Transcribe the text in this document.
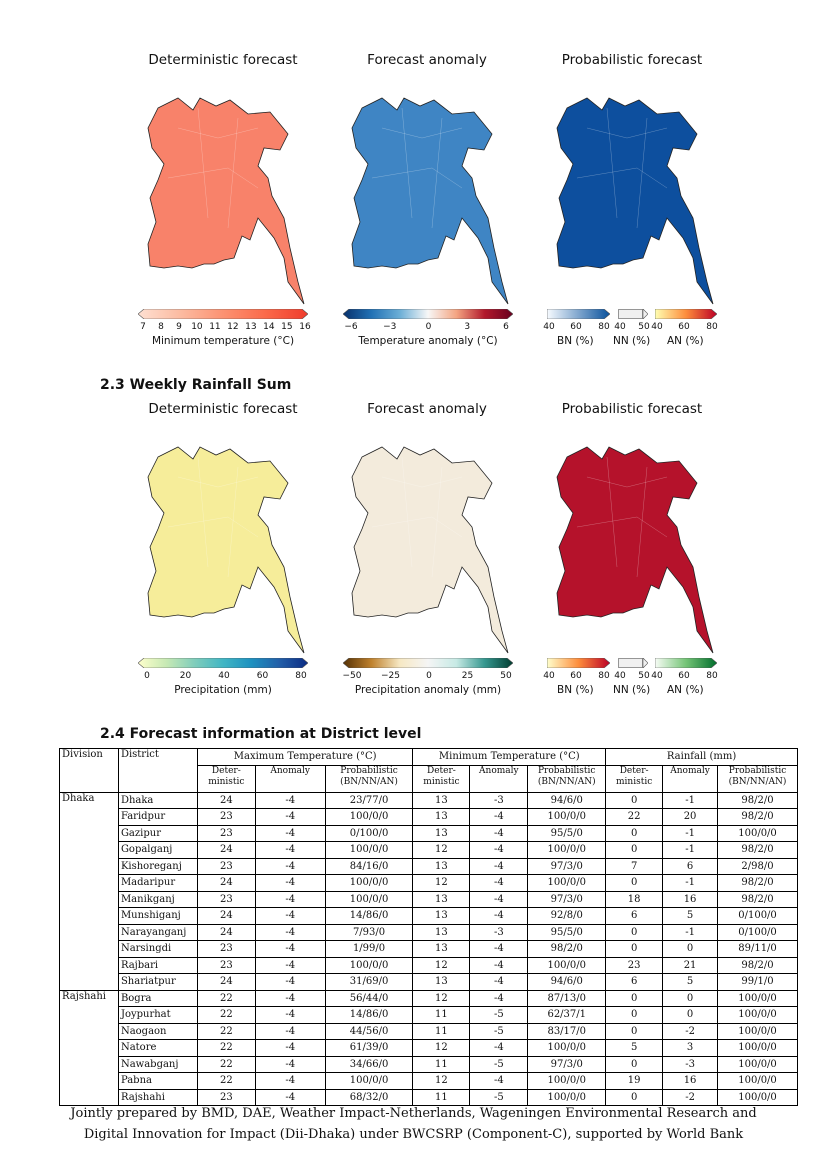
Deterministic forecast	Forecast anomaly	Probabilistic forecast
7 8 9 10 11 12 13 14 15 16
Minimum temperature (°C)
−6	−3	0	3	6
Temperature anomaly (°C)
40 60 80 40 50 40 60 80
BN (%) NN (%) AN (%)
2.3 Weekly Rainfall Sum
Deterministic forecast	Forecast anomaly	Probabilistic forecast
0	20	40	60	80
Precipitation (mm)
−50 −25	0	25	50
Precipitation anomaly (mm)
40 60 80 40 50 40 60 80
BN (%) NN (%) AN (%)
2.4 Forecast information at District level
Division	District	Maximum Temperature (°C)			Minimum Temperature (°C)			Rainfall (mm)		
		Deter-ministic	Anomaly	Probabilistic (BN/NN/AN)	Deter-ministic	Anomaly	Probabilistic (BN/NN/AN)	Deter-ministic	Anomaly	Probabilistic (BN/NN/AN)
Dhaka	Dhaka	24	-4	23/77/0	13	-3	94/6/0	0	-1	98/2/0
	Faridpur	23	-4	100/0/0	13	-4	100/0/0	22	20	98/2/0
	Gazipur	23	-4	0/100/0	13	-4	95/5/0	0	-1	100/0/0
	Gopalganj	24	-4	100/0/0	12	-4	100/0/0	0	-1	98/2/0
	Kishoreganj	23	-4	84/16/0	13	-4	97/3/0	7	6	2/98/0
	Madaripur	24	-4	100/0/0	12	-4	100/0/0	0	-1	98/2/0
	Manikganj	23	-4	100/0/0	13	-4	97/3/0	18	16	98/2/0
	Munshiganj	24	-4	14/86/0	13	-4	92/8/0	6	5	0/100/0
	Narayanganj	24	-4	7/93/0	13	-3	95/5/0	0	-1	0/100/0
	Narsingdi	23	-4	1/99/0	13	-4	98/2/0	0	0	89/11/0
	Rajbari	23	-4	100/0/0	12	-4	100/0/0	23	21	98/2/0
	Shariatpur	24	-4	31/69/0	13	-4	94/6/0	6	5	99/1/0
Rajshahi	Bogra	22	-4	56/44/0	12	-4	87/13/0	0	0	100/0/0
	Joypurhat	22	-4	14/86/0	11	-5	62/37/1	0	0	100/0/0
	Naogaon	22	-4	44/56/0	11	-5	83/17/0	0	-2	100/0/0
	Natore	22	-4	61/39/0	12	-4	100/0/0	5	3	100/0/0
	Nawabganj	22	-4	34/66/0	11	-5	97/3/0	0	-3	100/0/0
	Pabna	22	-4	100/0/0	12	-4	100/0/0	19	16	100/0/0
	Rajshahi	23	-4	68/32/0	11	-5	100/0/0	0	-2	100/0/0
Jointly prepared by BMD, DAE, Weather Impact-Netherlands, Wageningen Environmental Research and
Digital Innovation for Impact (Dii-Dhaka) under BWCSRP (Component-C), supported by World Bank
